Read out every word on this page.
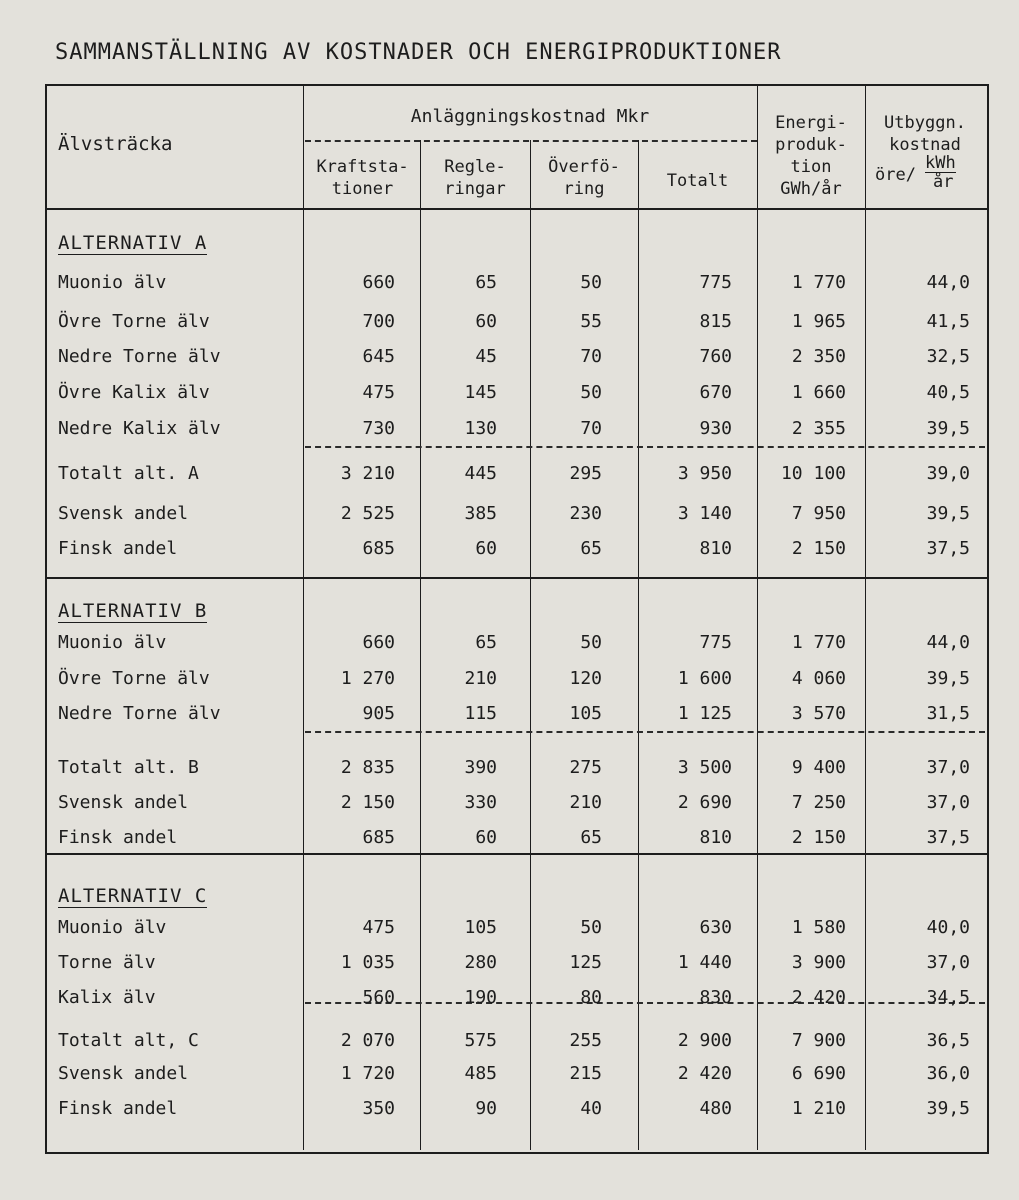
SAMMANSTÄLLNING AV KOSTNADER OCH ENERGIPRODUKTIONER
Älvsträcka
Anläggningskostnad Mkr
Kraftsta-
tioner
Regle-
ringar
Överfö-
ring	Totalt
Energi-
produk-
tion
GWh/år
Utbyggn.
kostnad
öre/
kWh
år
ALTERNATIV A
Muonio älv	660	65	50	775	1 770	44,0
Övre Torne älv	700	60	55	815	1 965	41,5
Nedre Torne älv	645	45	70	760	2 350	32,5
Övre Kalix älv	475	145	50	670	1 660	40,5
Nedre Kalix älv	730	130	70	930	2 355	39,5
Totalt alt. A	3 210	445	295	3 950	10 100	39,0
Svensk andel	2 525	385	230	3 140	7 950	39,5
Finsk andel	685	60	65	810	2 150	37,5
ALTERNATIV B
Muonio älv	660	65	50	775	1 770	44,0
Övre Torne älv	1 270	210	120	1 600	4 060	39,5
Nedre Torne älv	905	115	105	1 125	3 570	31,5
Totalt alt. B	2 835	390	275	3 500	9 400	37,0
Svensk andel	2 150	330	210	2 690	7 250	37,0
Finsk andel	685	60	65	810	2 150	37,5
ALTERNATIV C
Muonio älv	475	105	50	630	1 580	40,0
Torne älv	1 035	280	125	1 440	3 900	37,0
Kalix älv	560	190	80	830	2 420	34,5
Totalt alt, C	2 070	575	255	2 900	7 900	36,5
Svensk andel	1 720	485	215	2 420	6 690	36,0
Finsk andel	350	90	40	480	1 210	39,5
